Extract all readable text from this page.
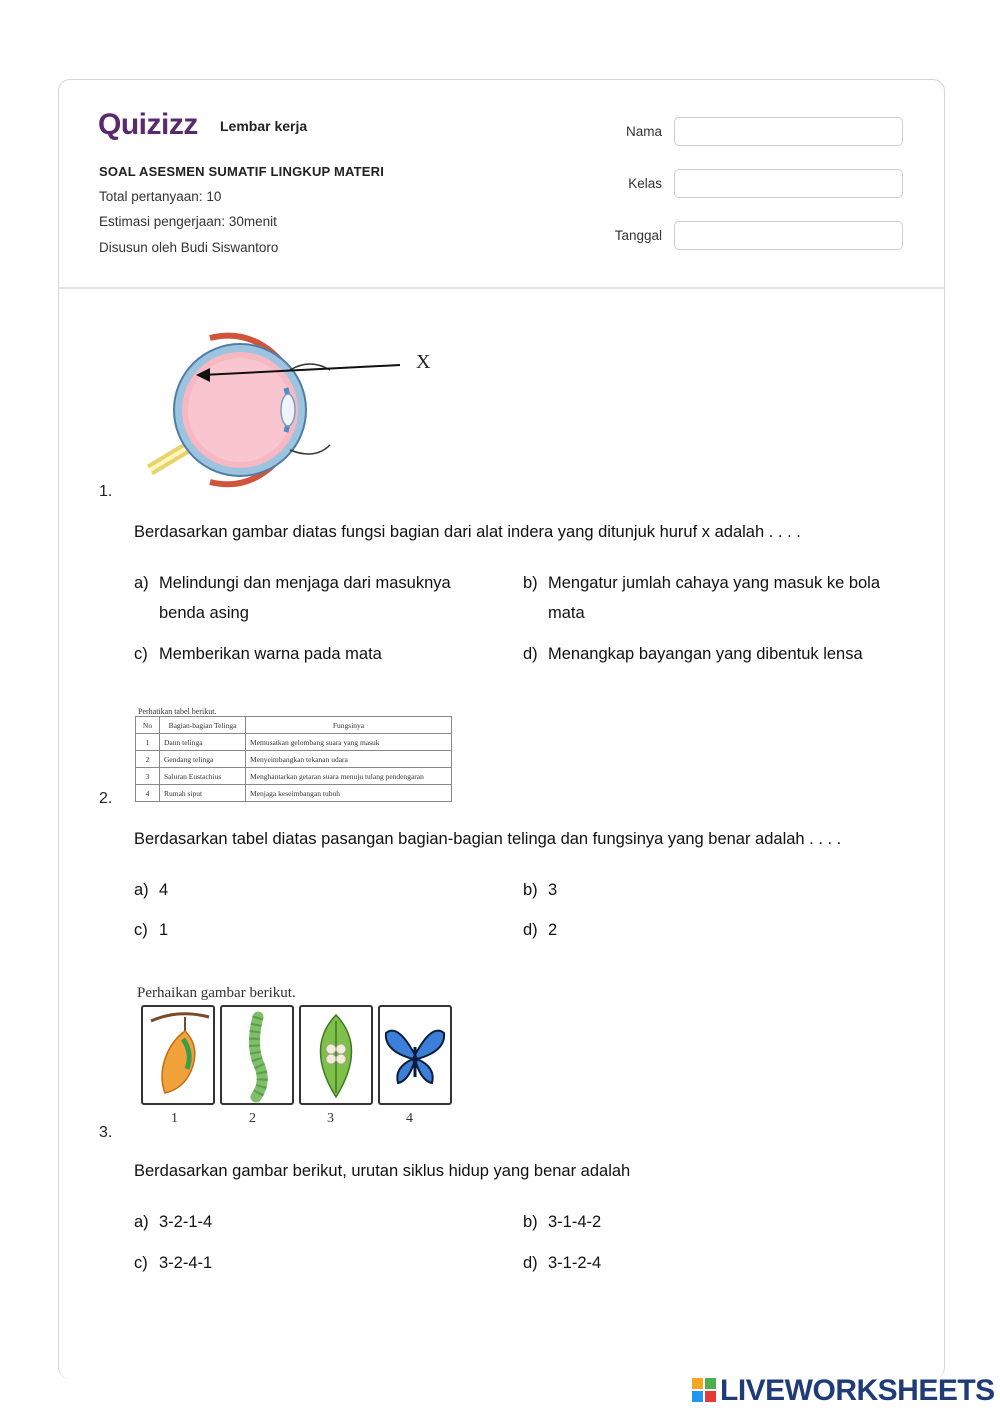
Quizizz Lembar kerja
SOAL ASESMEN SUMATIF LINGKUP MATERI
Total pertanyaan: 10
Estimasi pengerjaan: 30menit
Disusun oleh Budi Siswantoro
Nama
Kelas
Tanggal
X
1.
Berdasarkan gambar diatas fungsi bagian dari alat indera yang ditunjuk huruf x adalah . . . .
a) Melindungi dan menjaga dari masuknya benda asing
b) Mengatur jumlah cahaya yang masuk ke bola mata
c) Memberikan warna pada mata	d) Menangkap bayangan yang dibentuk lensa
Perhatikan tabel berikut.
No	Bagian-bagian Telinga	Fungsinya
1	Daun telinga	Memusatkan gelombang suara yang masuk
2	Gendang telinga	Menyeimbangkan tekanan udara
3	Saluran Eustachius	Menghantarkan getaran suara menuju tulang pendengaran
4	Rumah siput	Menjaga keseimbangan tubuh
2.
Berdasarkan tabel diatas pasangan bagian-bagian telinga dan fungsinya yang benar adalah . . . .
a) 4	b) 3
c) 1	d) 2
Perhaikan gambar berikut.
1	2	3	4
3.
Berdasarkan gambar berikut, urutan siklus hidup yang benar adalah
a) 3-2-1-4	b) 3-1-4-2
c) 3-2-4-1	d) 3-1-2-4
LIVEWORKSHEETS
